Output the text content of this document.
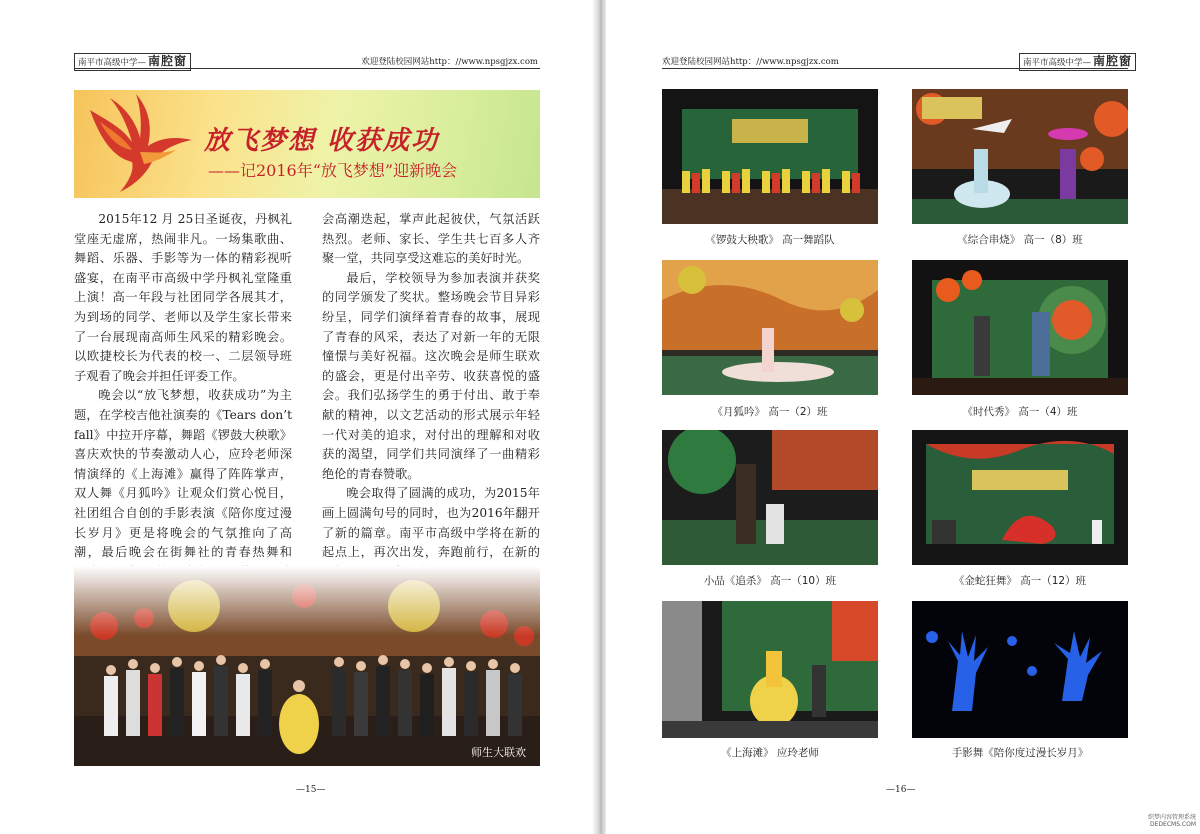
南平市高级中学— 南腔窗	欢迎登陆校园网站http：//www.npsgjzx.com
放飞梦想 收获成功
——记2016年“放飞梦想”迎新晚会

2015年12 月 25日圣诞夜，丹枫礼堂座无虚席，热闹非凡。一场集歌曲、舞蹈、乐器、手影等为一体的精彩视听盛宴，在南平市高级中学丹枫礼堂隆重上演！高一年段与社团同学各展其才，为到场的同学、老师以及学生家长带来了一台展现南高师生风采的精彩晚会。以欧捷校长为代表的校一、二层领导班子观看了晚会并担任评委工作。

晚会以“放飞梦想，收获成功”为主题，在学校吉他社演奏的《Tears don’t fall》中拉开序幕，舞蹈《锣鼓大秧歌》喜庆欢快的节奏激动人心，应玲老师深情演绎的《上海滩》赢得了阵阵掌声，双人舞《月狐吟》让观众们赏心悦目，社团组合自创的手影表演《陪你度过漫长岁月》更是将晚会的气氛推向了高潮，最后晚会在街舞社的青春热舞和

会高潮迭起，掌声此起彼伏，气氛活跃热烈。老师、家长、学生共七百多人齐聚一堂，共同享受这难忘的美好时光。

最后，学校领导为参加表演并获奖的同学颁发了奖状。整场晚会节目异彩纷呈，同学们演绎着青春的故事，展现了青春的风采，表达了对新一年的无限憧憬与美好祝福。这次晚会是师生联欢的盛会，更是付出辛劳、收获喜悦的盛会。我们弘扬学生的勇于付出、敢于奉献的精神，以文艺活动的形式展示年轻一代对美的追求，对付出的理解和对收获的渴望，同学们共同演绎了一曲精彩绝伦的青春赞歌。

晚会取得了圆满的成功，为2015年画上圆满句号的同时，也为2016年翻开了新的篇章。南平市高级中学将在新的起点上，再次出发，奔跑前行，在新的

师生大联欢
—15—
欢迎登陆校园网站http：//www.npsgjzx.com	南平市高级中学— 南腔窗
《锣鼓大秧歌》 高一舞蹈队	《综合串烧》 高一（8）班
《月狐吟》 高一（2）班	《时代秀》 高一（4）班
小品《追杀》 高一（10）班	《金蛇狂舞》 高一（12）班
《上海滩》 应玲老师	手影舞《陪你度过漫长岁月》
—16—
织梦内容管理系统
DEDECMS.COM
